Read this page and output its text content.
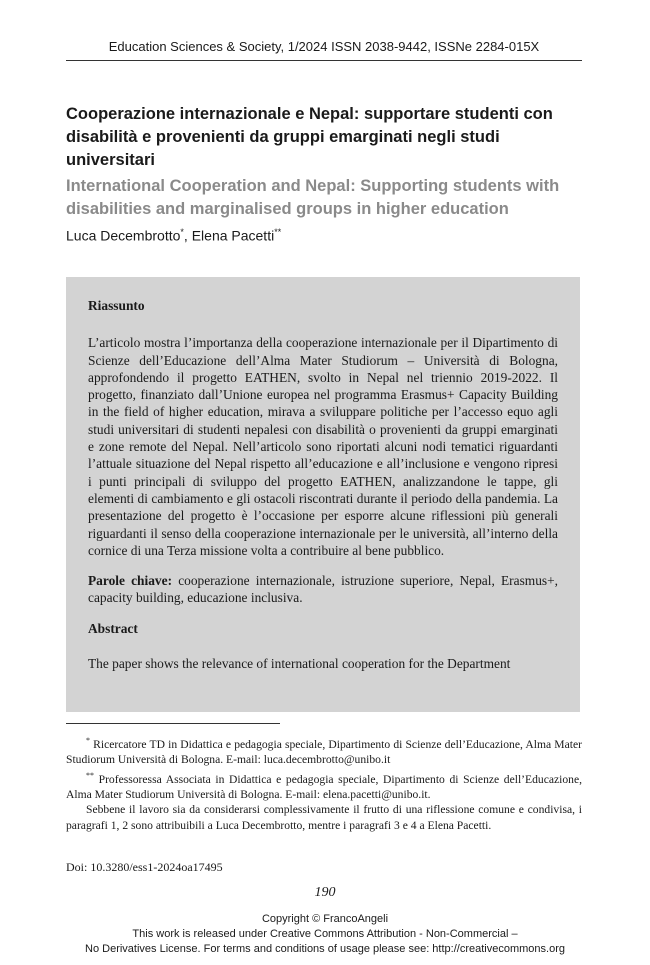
Education Sciences & Society, 1/2024 ISSN 2038-9442, ISSNe 2284-015X
Cooperazione internazionale e Nepal: supportare studenti con disabilità e provenienti da gruppi emarginati negli studi universitari
International Cooperation and Nepal: Supporting students with disabilities and marginalised groups in higher education
Luca Decembrotto*, Elena Pacetti**
Riassunto

L’articolo mostra l’importanza della cooperazione internazionale per il Dipartimento di Scienze dell’Educazione dell’Alma Mater Studiorum – Università di Bologna, approfondendo il progetto EATHEN, svolto in Nepal nel triennio 2019-2022. Il progetto, finanziato dall’Unione europea nel programma Erasmus+ Capacity Building in the field of higher education, mirava a sviluppare politiche per l’accesso equo agli studi universitari di studenti nepalesi con disabilità o provenienti da gruppi emarginati e zone remote del Nepal. Nell’articolo sono riportati alcuni nodi tematici riguardanti l’attuale situazione del Nepal rispetto all’educazione e all’inclusione e vengono ripresi i punti principali di sviluppo del progetto EATHEN, analizzandone le tappe, gli elementi di cambiamento e gli ostacoli riscontrati durante il periodo della pandemia. La presentazione del progetto è l’occasione per esporre alcune riflessioni più generali riguardanti il senso della cooperazione internazionale per le università, all’interno della cornice di una Terza missione volta a contribuire al bene pubblico.

Parole chiave: cooperazione internazionale, istruzione superiore, Nepal, Erasmus+, capacity building, educazione inclusiva.

Abstract

The paper shows the relevance of international cooperation for the Department

* Ricercatore TD in Didattica e pedagogia speciale, Dipartimento di Scienze dell’Educazione, Alma Mater Studiorum Università di Bologna. E-mail: luca.decembrotto@unibo.it

** Professoressa Associata in Didattica e pedagogia speciale, Dipartimento di Scienze dell’Educazione, Alma Mater Studiorum Università di Bologna. E-mail: elena.pacetti@unibo.it.

Sebbene il lavoro sia da considerarsi complessivamente il frutto di una riflessione comune e condivisa, i paragrafi 1, 2 sono attribuibili a Luca Decembrotto, mentre i paragrafi 3 e 4 a Elena Pacetti.

Doi: 10.3280/ess1-2024oa17495
190
Copyright © FrancoAngeli
This work is released under Creative Commons Attribution - Non-Commercial –
No Derivatives License. For terms and conditions of usage please see: http://creativecommons.org
